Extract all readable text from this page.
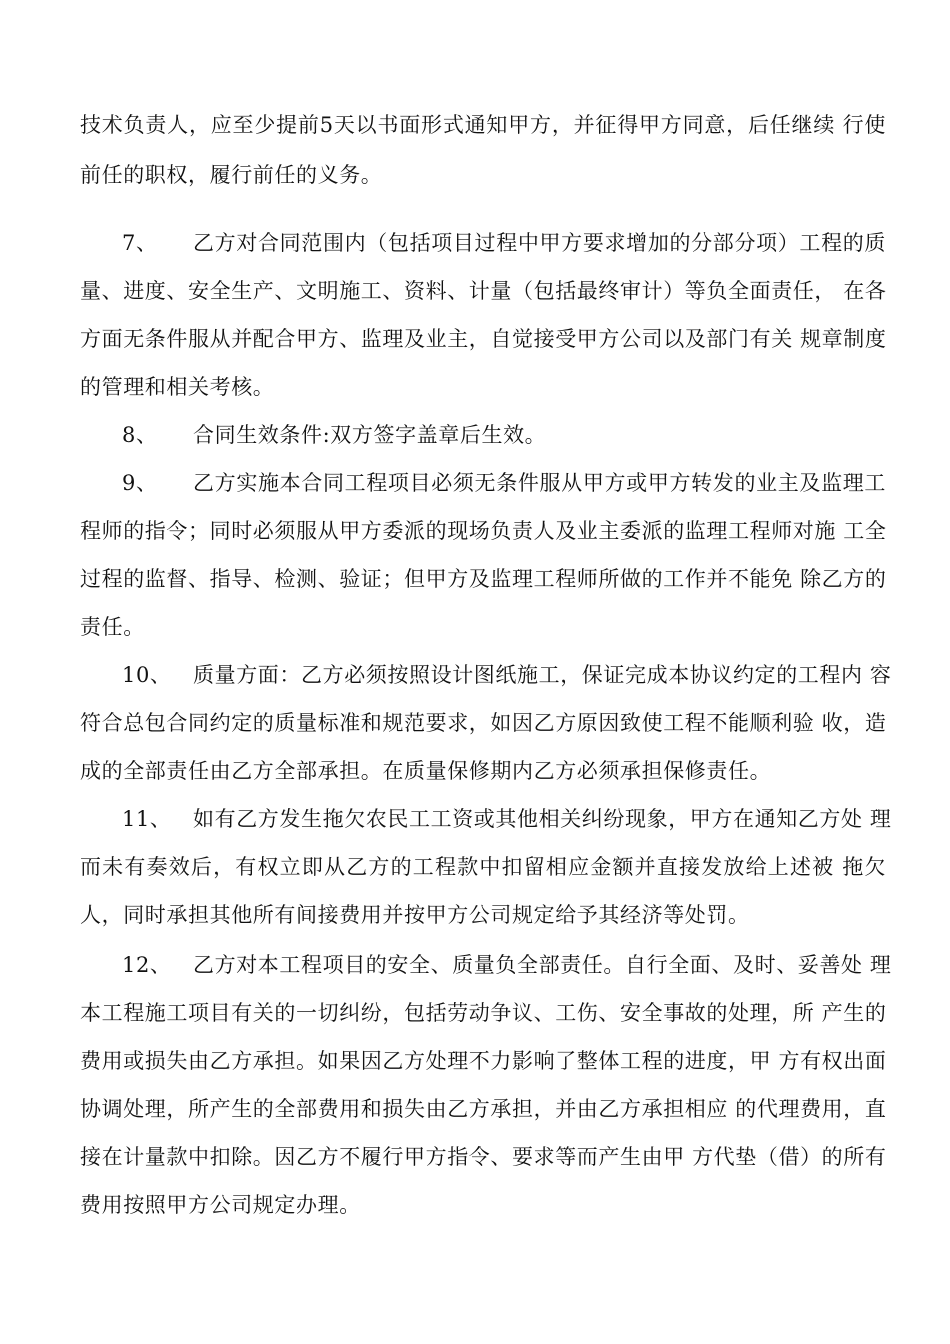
技术负责人，应至少提前5天以书面形式通知甲方，并征得甲方同意，后任继续 行使
前任的职权，履行前任的义务。
7、	乙方对合同范围内（包括项目过程中甲方要求增加的分部分项）工程的质
量、进度、安全生产、文明施工、资料、计量（包括最终审计）等负全面责任， 在各
方面无条件服从并配合甲方、监理及业主，自觉接受甲方公司以及部门有关 规章制度
的管理和相关考核。
8、	合同生效条件:双方签字盖章后生效。
9、	乙方实施本合同工程项目必须无条件服从甲方或甲方转发的业主及监理工
程师的指令；同时必须服从甲方委派的现场负责人及业主委派的监理工程师对施 工全
过程的监督、指导、检测、验证；但甲方及监理工程师所做的工作并不能免 除乙方的
责任。
10、	质量方面：乙方必须按照设计图纸施工，保证完成本协议约定的工程内 容
符合总包合同约定的质量标准和规范要求，如因乙方原因致使工程不能顺利验 收，造
成的全部责任由乙方全部承担。在质量保修期内乙方必须承担保修责任。
11、	如有乙方发生拖欠农民工工资或其他相关纠纷现象，甲方在通知乙方处 理
而未有奏效后，有权立即从乙方的工程款中扣留相应金额并直接发放给上述被 拖欠
人，同时承担其他所有间接费用并按甲方公司规定给予其经济等处罚。
12、	乙方对本工程项目的安全、质量负全部责任。自行全面、及时、妥善处 理
本工程施工项目有关的一切纠纷，包括劳动争议、工伤、安全事故的处理，所 产生的
费用或损失由乙方承担。如果因乙方处理不力影响了整体工程的进度，甲 方有权出面
协调处理，所产生的全部费用和损失由乙方承担，并由乙方承担相应 的代理费用，直
接在计量款中扣除。因乙方不履行甲方指令、要求等而产生由甲 方代垫（借）的所有
费用按照甲方公司规定办理。
